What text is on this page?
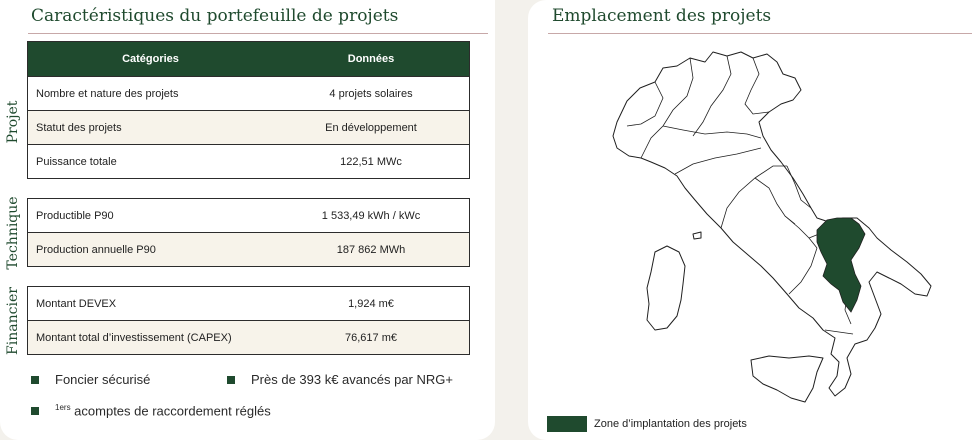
Caractéristiques du portefeuille de projets	Emplacement des projets
Catégories	Données
Nombre et nature des projets	4 projets solaires
Statut des projets	En développement
Puissance totale	122,51 MWc
Productible P90	1 533,49 kWh / kWc
Production annuelle P90	187 862 MWh
Montant DEVEX	1,924 m€
Montant total d’investissement (CAPEX)	76,617 m€
Projet
Technique
Financier
Foncier sécurisé	Près de 393 k€ avancés par NRG+
$^{1ers}$ acomptes de raccordement réglés
Zone d’implantation des projets
